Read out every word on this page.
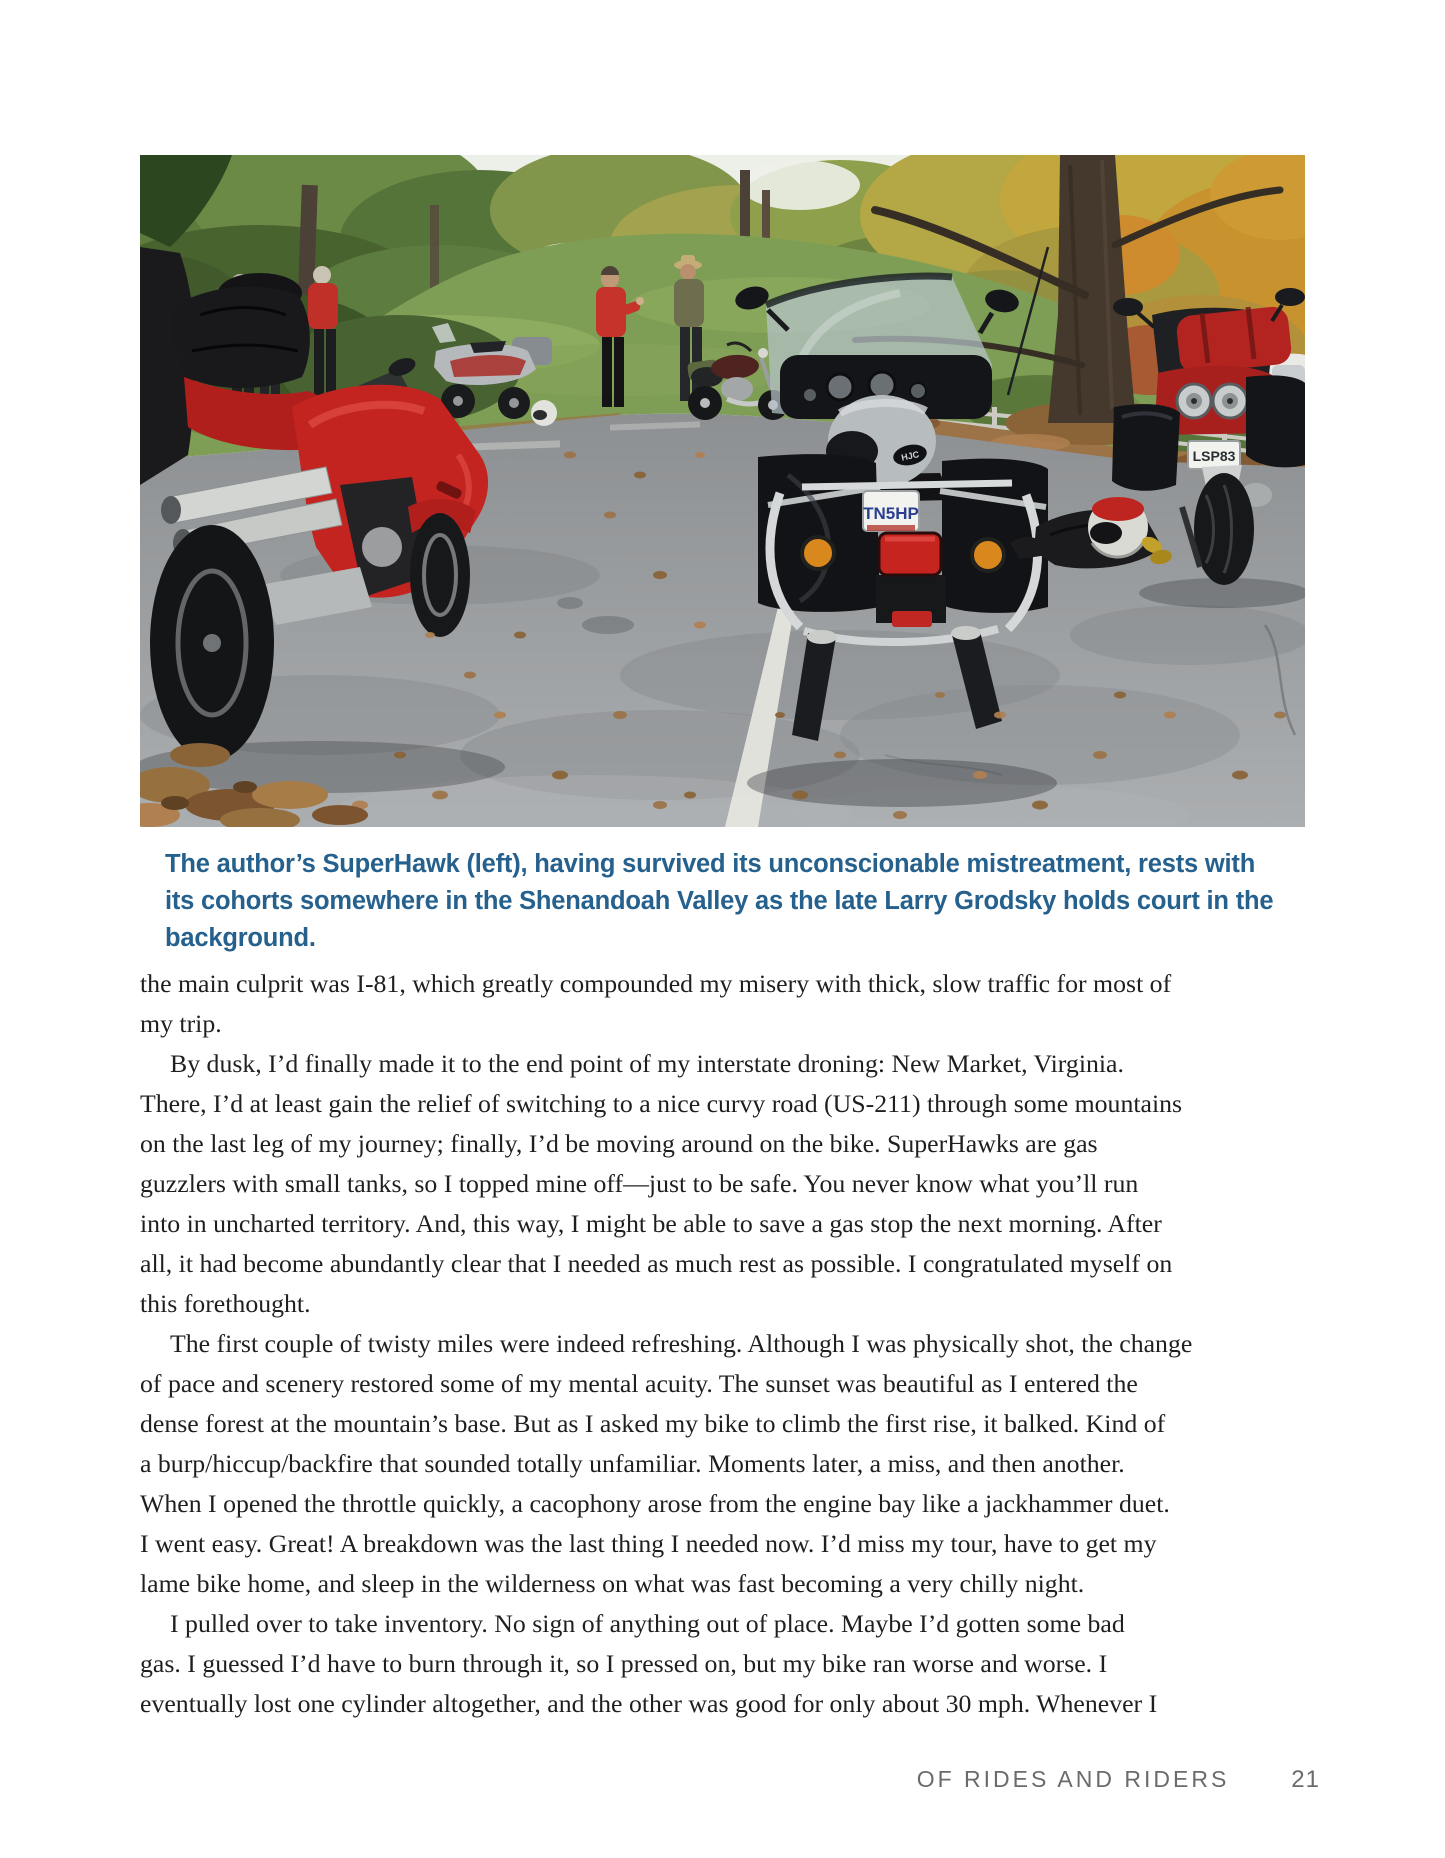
HJC
TN5HP
LSP83

The author’s SuperHawk (left), having survived its unconscionable mistreatment, rests with
its cohorts somewhere in the Shenandoah Valley as the late Larry Grodsky holds court in the
background.

the main culprit was I-81, which greatly compounded my misery with thick, slow traffic for most of
my trip.
By dusk, I’d finally made it to the end point of my interstate droning: New Market, Virginia.
There, I’d at least gain the relief of switching to a nice curvy road (US-211) through some mountains
on the last leg of my journey; finally, I’d be moving around on the bike. SuperHawks are gas
guzzlers with small tanks, so I topped mine off—just to be safe. You never know what you’ll run
into in uncharted territory. And, this way, I might be able to save a gas stop the next morning. After
all, it had become abundantly clear that I needed as much rest as possible. I congratulated myself on
this forethought.
The first couple of twisty miles were indeed refreshing. Although I was physically shot, the change
of pace and scenery restored some of my mental acuity. The sunset was beautiful as I entered the
dense forest at the mountain’s base. But as I asked my bike to climb the first rise, it balked. Kind of
a burp/hiccup/backfire that sounded totally unfamiliar. Moments later, a miss, and then another.
When I opened the throttle quickly, a cacophony arose from the engine bay like a jackhammer duet.
I went easy. Great! A breakdown was the last thing I needed now. I’d miss my tour, have to get my
lame bike home, and sleep in the wilderness on what was fast becoming a very chilly night.
I pulled over to take inventory. No sign of anything out of place. Maybe I’d gotten some bad
gas. I guessed I’d have to burn through it, so I pressed on, but my bike ran worse and worse. I
eventually lost one cylinder altogether, and the other was good for only about 30 mph. Whenever I
OF RIDES AND RIDERS	21
